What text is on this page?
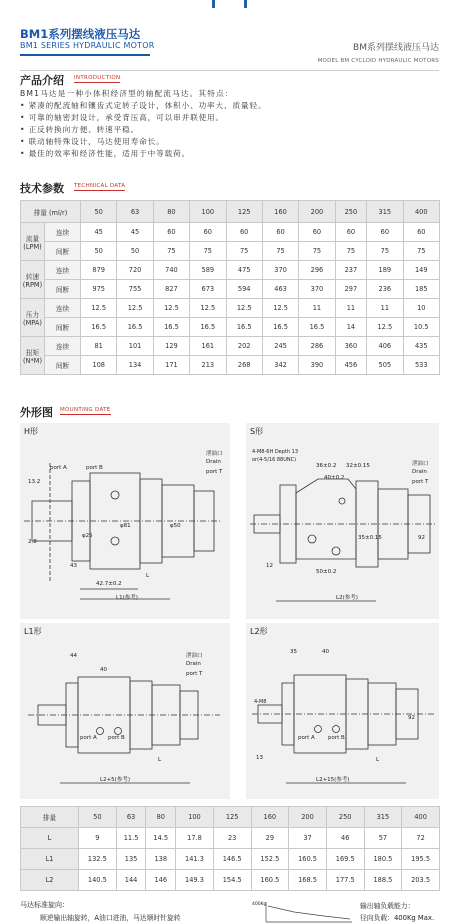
BM1系列摆线液压马达
BM1 SERIES HYDRAULIC MOTOR	BM系列摆线液压马达
MODEL BM CYCLOID HYDRAULIC MOTORS
产品介绍 INTRODUCTION
BM1马达是一种小体积经济型的轴配流马达。其特点：
• 紧凑的配流轴和镶齿式定转子设计，体积小、功率大、质量轻。
• 可靠的轴密封设计，承受背压高，可以串并联使用。
• 正反转换向方便、转速平稳。
• 联动轴特殊设计，马达使用寿命长。
• 最佳的效率和经济性能，适用于中等载荷。
技术参数 TECHNICAL DATA
排量 (ml/r)		50	63	80	100	125	160	200	250	315	400

流量
(LPM)	连续	45	45	60	60	60	60	60	60	60	60
	间断	50	50	75	75	75	75	75	75	75	75

转速
(RPM)	连续	879	720	740	589	475	370	296	237	189	149
	间断	975	755	827	673	594	463	370	297	236	185

压力
(MPA)	连续	12.5	12.5	12.5	12.5	12.5	12.5	11	11	11	10
	间断	16.5	16.5	16.5	16.5	16.5	16.5	16.5	14	12.5	10.5

扭矩
(N*M)	连续	81	101	129	161	202	245	286	360	406	435
	间断	108	134	171	213	268	342	390	456	505	533
外形图 MOUNTING DATE
H形
port A	port B
13.2
2.8
43
42.7±0.2
L1(参考)
L
泄油口
Drain
port T
φ25
φ81	φ50
S形
4-M8-6H Depth 13
or(4-5/16 88UNC)
36±0.2 32±0.15
40±0.2
泄油口
Drain
port T
35±0.15	92
12
L2(参考)
50±0.2
L1形
44
40
泄油口
Drain
port T
port A port B
L2+5(参考)
L
L2形
35	40
4-M8
port A port B
92
13
L2+15(参考)
L
排量	50	63	80	100	125	160	200	250	315	400
L	9	11.5	14.5	17.8	23	29	37	46	57	72
L1	132.5	135	138	141.3	146.5	152.5	160.5	169.5	180.5	195.5
L2	140.5	144	146	149.3	154.5	160.5	168.5	177.5	188.5	203.5
马达标准旋向：
顺逆输出轴旋转，A油口进油，马达顺时针旋转
400Kg	输出轴负载能力：
径向负载：400Kg Max.
